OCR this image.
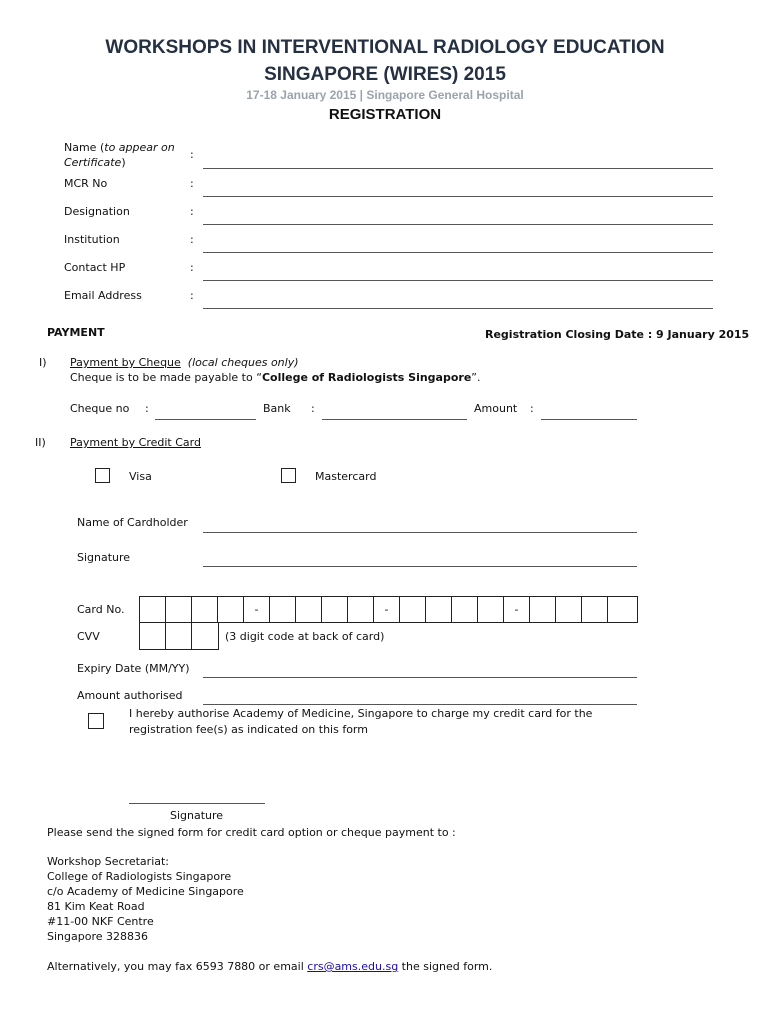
WORKSHOPS IN INTERVENTIONAL RADIOLOGY EDUCATION
SINGAPORE (WIRES) 2015
17-18 January 2015 | Singapore General Hospital
REGISTRATION
Name (to appear on
Certificate)
:
MCR No	:
Designation	:
Institution	:
Contact HP	:
Email Address	:
PAYMENT	Registration Closing Date : 9 January 2015
I) Payment by Cheque (local cheques only)
Cheque is to be made payable to “College of Radiologists Singapore”.
Cheque no :	Bank :	Amount :
II) Payment by Credit Card
Visa	Mastercard
Name of Cardholder
Signature
Card No.	-	-	-
CVV	(3 digit code at back of card)
Expiry Date (MM/YY)
Amount authorised
I hereby authorise Academy of Medicine, Singapore to charge my credit card for the
registration fee(s) as indicated on this form
Signature
Please send the signed form for credit card option or cheque payment to :
Workshop Secretariat:
College of Radiologists Singapore
c/o Academy of Medicine Singapore
81 Kim Keat Road
#11-00 NKF Centre
Singapore 328836
Alternatively, you may fax 6593 7880 or email crs@ams.edu.sg the signed form.
